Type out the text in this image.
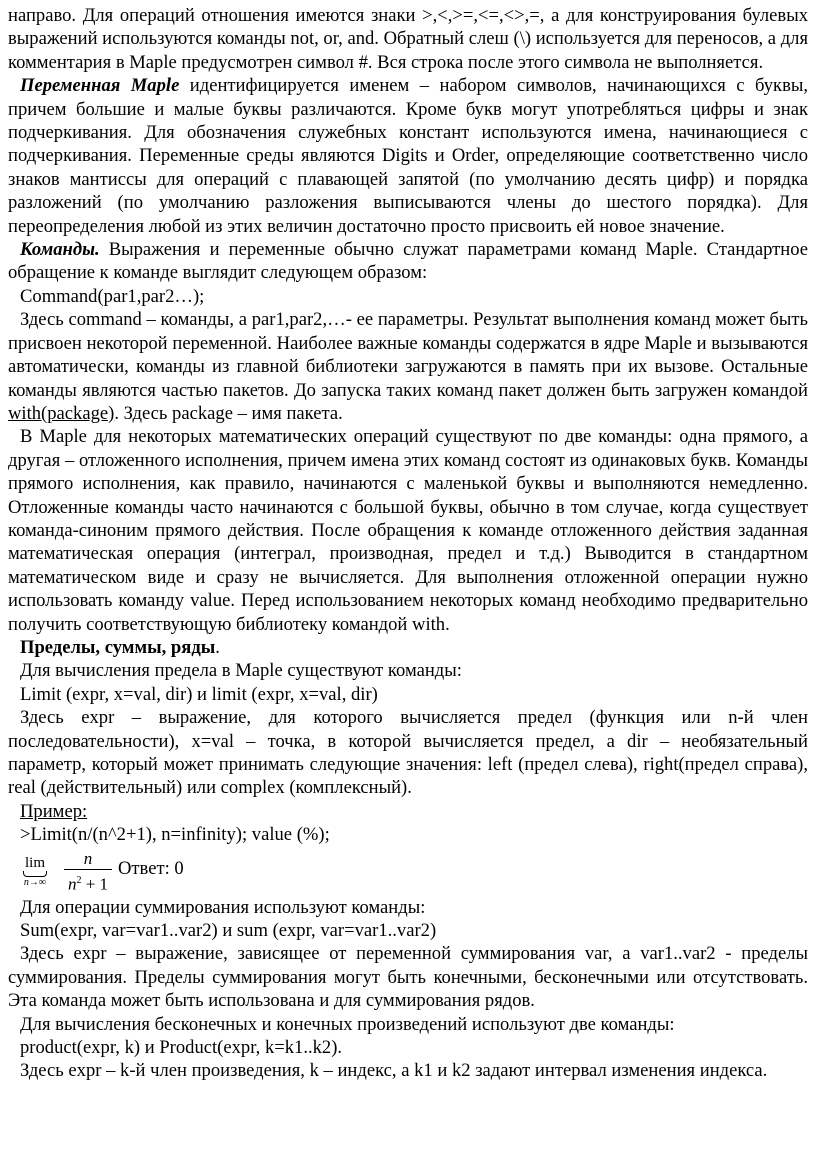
направо. Для операций отношения имеются знаки >,<,>=,<=,<>,=, а для конструирования булевых выражений используются команды not, or, and. Обратный слеш (\) используется для переносов, а для комментария в Maple предусмотрен символ #. Вся строка после этого символа не выполняется.

Переменная Maple идентифицируется именем – набором символов, начинающихся с буквы, причем большие и малые буквы различаются. Кроме букв могут употребляться цифры и знак подчеркивания. Для обозначения служебных констант используются имена, начинающиеся с подчеркивания. Переменные среды являются Digits и Order, определяющие соответственно число знаков мантиссы для операций с плавающей запятой (по умолчанию десять цифр) и порядка разложений (по умолчанию разложения выписываются члены до шестого порядка). Для переопределения любой из этих величин достаточно просто присвоить ей новое значение.

Команды. Выражения и переменные обычно служат параметрами команд Maple. Стандартное обращение к команде выглядит следующем образом:

Command(par1,par2…);

Здесь command – команды, а par1,par2,…- ее параметры. Результат выполнения команд может быть присвоен некоторой переменной. Наиболее важные команды содержатся в ядре Maple и вызываются автоматически, команды из главной библиотеки загружаются в память при их вызове. Остальные команды являются частью пакетов. До запуска таких команд пакет должен быть загружен командой with(package). Здесь package – имя пакета.

В Maple для некоторых математических операций существуют по две команды: одна прямого, а другая – отложенного исполнения, причем имена этих команд состоят из одинаковых букв. Команды прямого исполнения, как правило, начинаются с маленькой буквы и выполняются немедленно. Отложенные команды часто начинаются с большой буквы, обычно в том случае, когда существует команда-синоним прямого действия. После обращения к команде отложенного действия заданная математическая операция (интеграл, производная, предел и т.д.) Выводится в стандартном математическом виде и сразу не вычисляется. Для выполнения отложенной операции нужно использовать команду value. Перед использованием некоторых команд необходимо предварительно получить соответствующую библиотеку командой with.

Пределы, суммы, ряды.

Для вычисления предела в Maple существуют команды:

Limit (expr, x=val, dir) и limit (expr, x=val, dir)

Здесь expr – выражение, для которого вычисляется предел (функция или n-й член последовательности), x=val – точка, в которой вычисляется предел, а dir – необязательный параметр, который может принимать следующие значения: left (предел слева), right(предел справа), real (действительный) или complex (комплексный).

Пример:

>Limit(n/(n^2+1), n=infinity); value (%);

lim
n→∞
n
$n^2 + 1$
Ответ: 0

Для операции суммирования используют команды:

Sum(expr, var=var1..var2) и sum (expr, var=var1..var2)

Здесь expr – выражение, зависящее от переменной суммирования var, а var1..var2 - пределы суммирования. Пределы суммирования могут быть конечными, бесконечными или отсутствовать. Эта команда может быть использована и для суммирования рядов.

Для вычисления бесконечных и конечных произведений используют две команды:

product(expr, k) и Product(expr, k=k1..k2).

Здесь expr – k-й член произведения, k – индекс, а k1 и k2 задают интервал изменения индекса.
